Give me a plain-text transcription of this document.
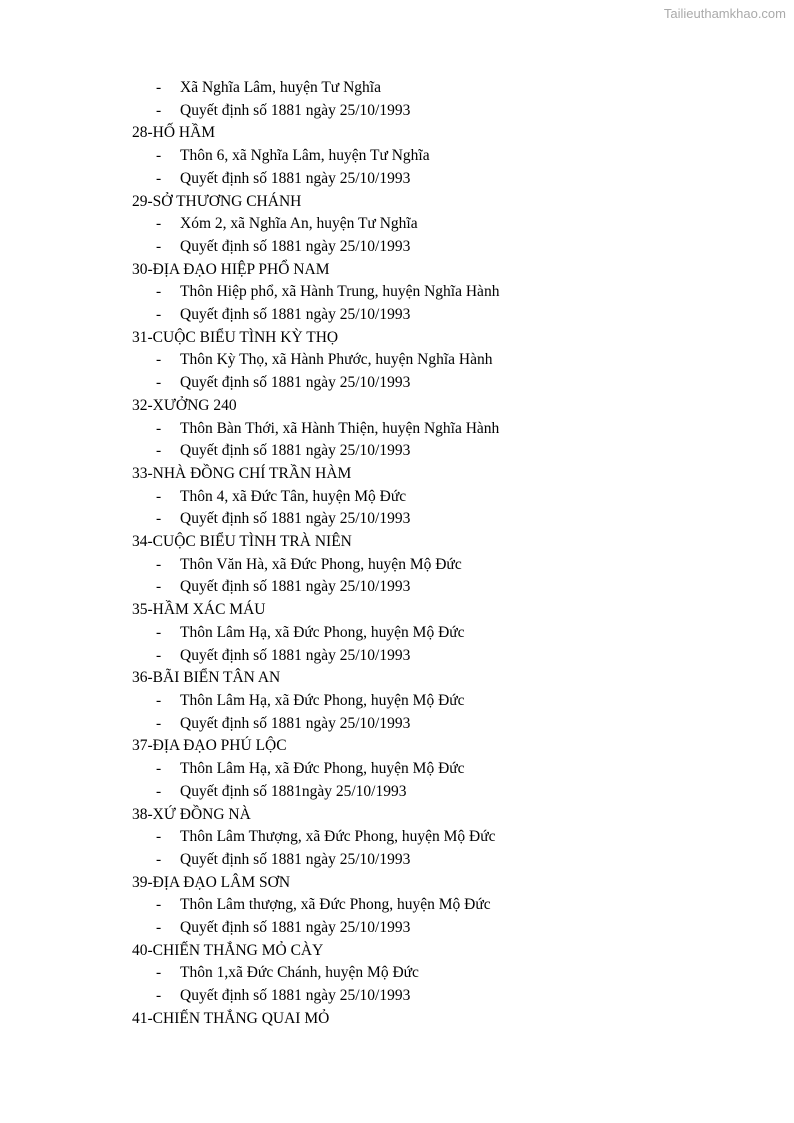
Tailieuthamkhao.com

- Xã Nghĩa Lâm, huyện Tư Nghĩa

- Quyết định số 1881 ngày 25/10/1993

28-HỐ HẦM

- Thôn 6, xã Nghĩa Lâm, huyện Tư Nghĩa

- Quyết định số 1881 ngày 25/10/1993

29-SỞ THƯƠNG CHÁNH

- Xóm 2, xã Nghĩa An, huyện Tư Nghĩa

- Quyết định số 1881 ngày 25/10/1993

30-ĐỊA ĐẠO HIỆP PHỔ NAM

- Thôn Hiệp phổ, xã Hành Trung, huyện Nghĩa Hành

- Quyết định số 1881 ngày 25/10/1993

31-CUỘC BIỂU TÌNH KỲ THỌ

- Thôn Kỳ Thọ, xã Hành Phước, huyện Nghĩa Hành

- Quyết định số 1881 ngày 25/10/1993

32-XƯỞNG 240

- Thôn Bàn Thới, xã Hành Thiện, huyện Nghĩa Hành

- Quyết định số 1881 ngày 25/10/1993

33-NHÀ ĐỒNG CHÍ TRẦN HÀM

- Thôn 4, xã Đức Tân, huyện Mộ Đức

- Quyết định số 1881 ngày 25/10/1993

34-CUỘC BIỂU TÌNH TRÀ NIÊN

- Thôn Văn Hà, xã Đức Phong, huyện Mộ Đức

- Quyết định số 1881 ngày 25/10/1993

35-HẦM XÁC MÁU

- Thôn Lâm Hạ, xã Đức Phong, huyện Mộ Đức

- Quyết định số 1881 ngày 25/10/1993

36-BÃI BIỂN TÂN AN

- Thôn Lâm Hạ, xã Đức Phong, huyện Mộ Đức

- Quyết định số 1881 ngày 25/10/1993

37-ĐỊA ĐẠO PHÚ LỘC

- Thôn Lâm Hạ, xã Đức Phong, huyện Mộ Đức

- Quyết định số 1881ngày 25/10/1993

38-XỨ ĐỒNG NÀ

- Thôn Lâm Thượng, xã Đức Phong, huyện Mộ Đức

- Quyết định số 1881 ngày 25/10/1993

39-ĐỊA ĐẠO LÂM SƠN

- Thôn Lâm thượng, xã Đức Phong, huyện Mộ Đức

- Quyết định số 1881 ngày 25/10/1993

40-CHIẾN THẮNG MỎ CÀY

- Thôn 1,xã Đức Chánh, huyện Mộ Đức

- Quyết định số 1881 ngày 25/10/1993

41-CHIẾN THẮNG QUAI MỎ
